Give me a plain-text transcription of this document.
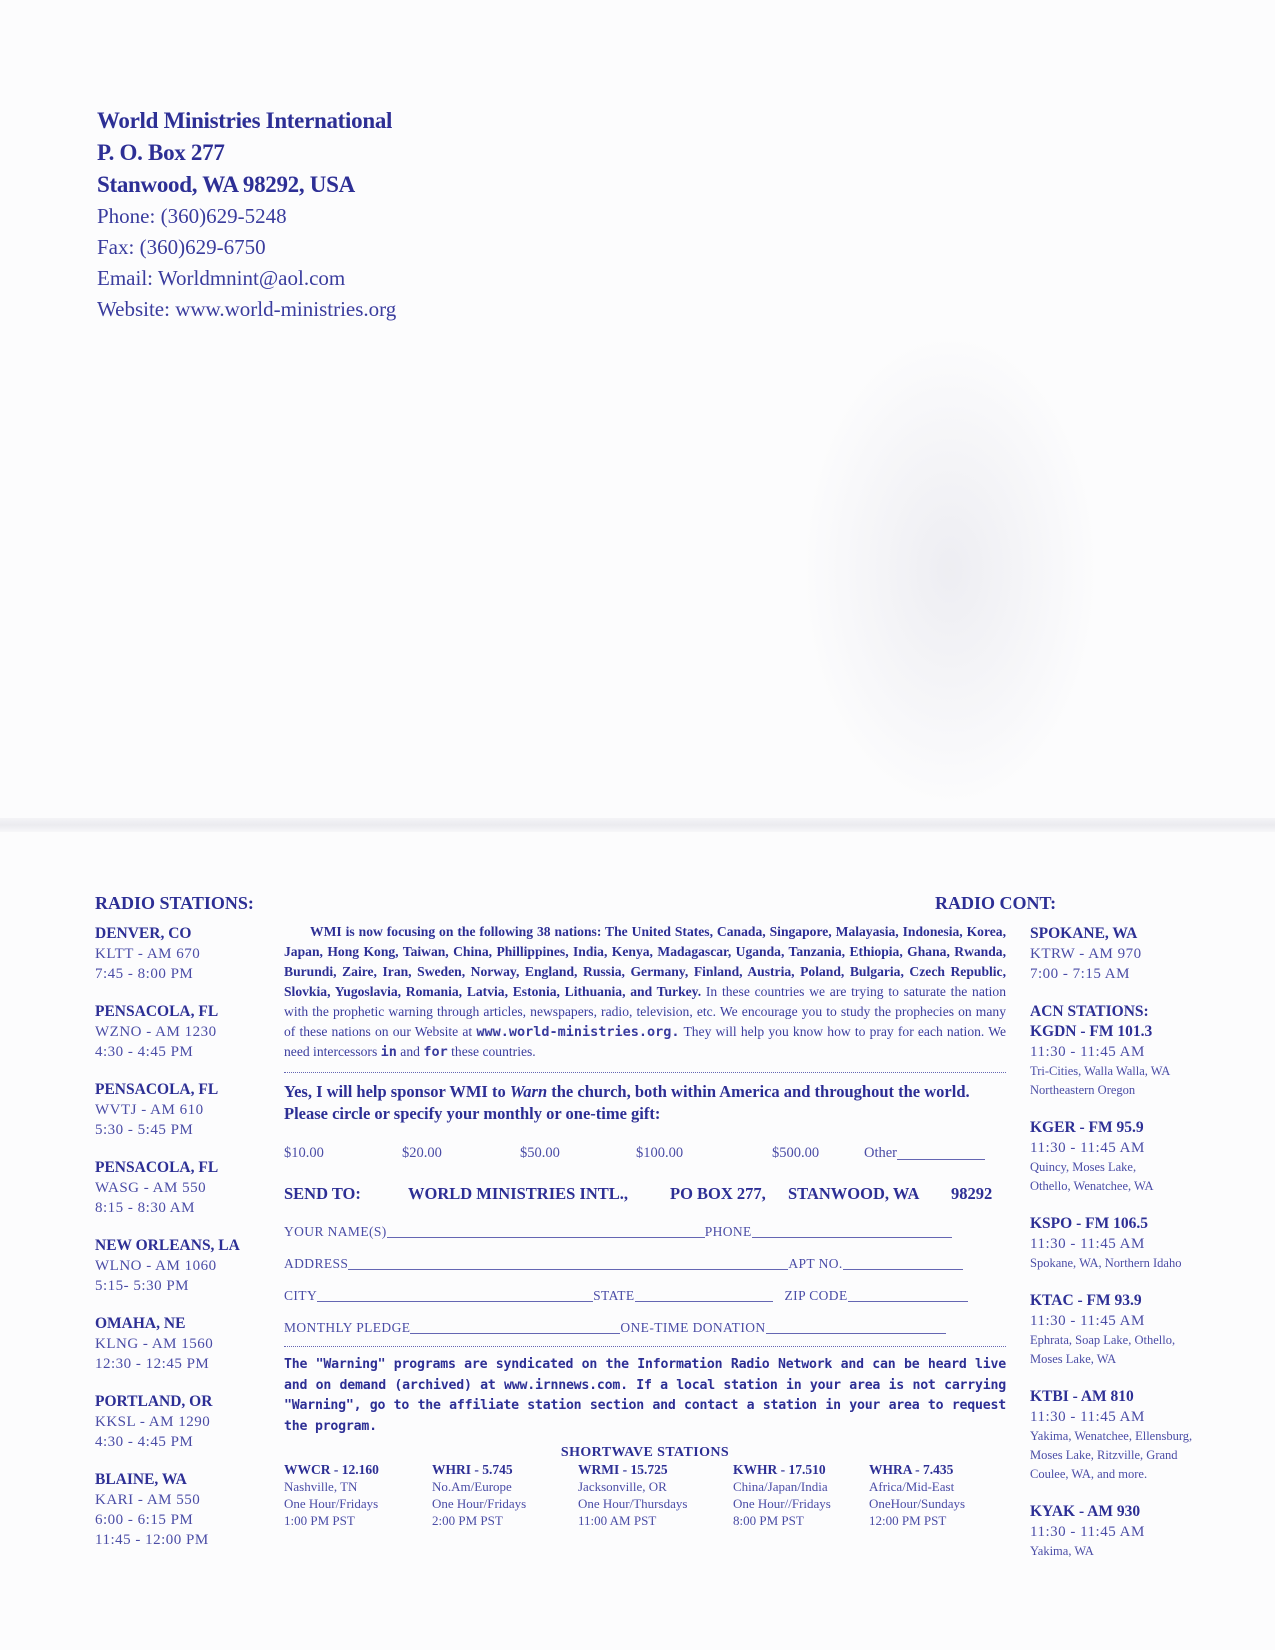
World Ministries International
P. O. Box 277
Stanwood, WA 98292, USA
Phone: (360)629-5248
Fax: (360)629-6750
Email: Worldmnint@aol.com
Website: www.world-ministries.org
RADIO STATIONS:	RADIO CONT:
DENVER, CO
KLTT - AM 670
7:45 - 8:00 PM
PENSACOLA, FL
WZNO - AM 1230
4:30 - 4:45 PM
PENSACOLA, FL
WVTJ - AM 610
5:30 - 5:45 PM
PENSACOLA, FL
WASG - AM 550
8:15 - 8:30 AM
NEW ORLEANS, LA
WLNO - AM 1060
5:15- 5:30 PM
OMAHA, NE
KLNG - AM 1560
12:30 - 12:45 PM
PORTLAND, OR
KKSL - AM 1290
4:30 - 4:45 PM
BLAINE, WA
KARI - AM 550
6:00 - 6:15 PM
11:45 - 12:00 PM
SPOKANE, WA
KTRW - AM 970
7:00 - 7:15 AM
ACN STATIONS:
KGDN - FM 101.3
11:30 - 11:45 AM
Tri-Cities, Walla Walla, WA
Northeastern Oregon
KGER - FM 95.9
11:30 - 11:45 AM
Quincy, Moses Lake,
Othello, Wenatchee, WA
KSPO - FM 106.5
11:30 - 11:45 AM
Spokane, WA, Northern Idaho
KTAC - FM 93.9
11:30 - 11:45 AM
Ephrata, Soap Lake, Othello,
Moses Lake, WA
KTBI - AM 810
11:30 - 11:45 AM
Yakima, Wenatchee, Ellensburg,
Moses Lake, Ritzville, Grand
Coulee, WA, and more.
KYAK - AM 930
11:30 - 11:45 AM
Yakima, WA

WMI is now focusing on the following 38 nations: The United States, Canada, Singapore, Malayasia, Indonesia, Korea, Japan, Hong Kong, Taiwan, China, Phillippines, India, Kenya, Madagascar, Uganda, Tanzania, Ethiopia, Ghana, Rwanda, Burundi, Zaire, Iran, Sweden, Norway, England, Russia, Germany, Finland, Austria, Poland, Bulgaria, Czech Republic, Slovkia, Yugoslavia, Romania, Latvia, Estonia, Lithuania, and Turkey. In these countries we are trying to saturate the nation with the prophetic warning through articles, newspapers, radio, television, etc. We encourage you to study the prophecies on many of these nations on our Website at www.world-ministries.org. They will help you know how to pray for each nation. We need intercessors in and for these countries.

Yes, I will help sponsor WMI to Warn the church, both within America and throughout the world. Please circle or specify your monthly or one-time gift:

$10.00	$20.00	$50.00	$100.00	$500.00	Other
SEND TO:	WORLD MINISTRIES INTL.,	PO BOX 277,	STANWOOD, WA	98292
YOUR NAME(S)	PHONE
ADDRESS	APT NO.
CITY	STATE	ZIP CODE
MONTHLY PLEDGE	ONE-TIME DONATION

The "Warning" programs are syndicated on the Information Radio Network and can be heard live and on demand (archived) at www.irnnews.com. If a local station in your area is not carrying "Warning", go to the affiliate station section and contact a station in your area to request the program.

SHORTWAVE STATIONS
WWCR - 12.160
Nashville, TN
One Hour/Fridays
1:00 PM PST
WHRI - 5.745
No.Am/Europe
One Hour/Fridays
2:00 PM PST
WRMI - 15.725
Jacksonville, OR
One Hour/Thursdays
11:00 AM PST
KWHR - 17.510
China/Japan/India
One Hour//Fridays
8:00 PM PST
WHRA - 7.435
Africa/Mid-East
OneHour/Sundays
12:00 PM PST
